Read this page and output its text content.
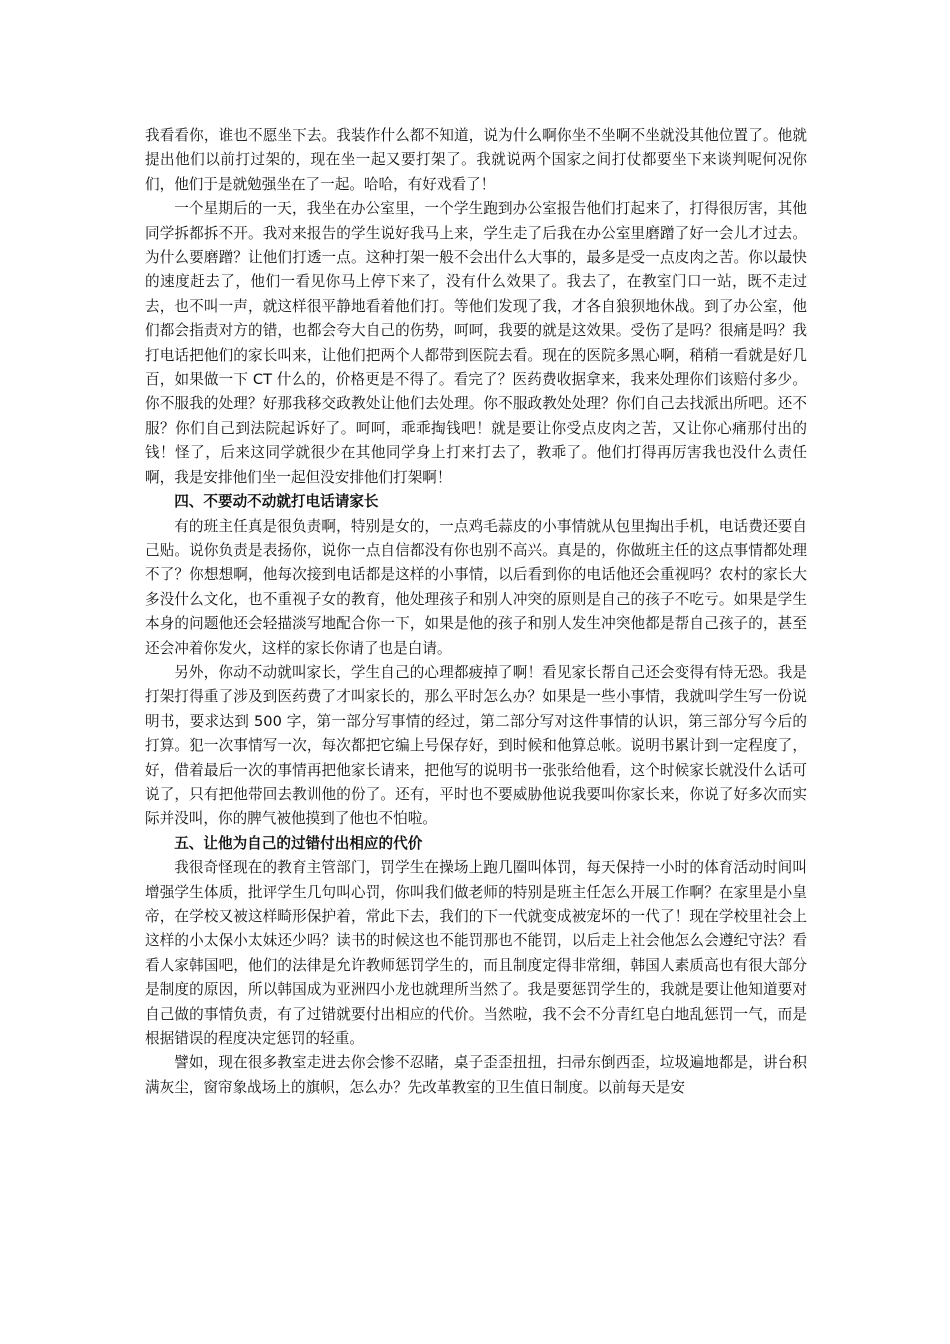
我看看你，谁也不愿坐下去。我装作什么都不知道，说为什么啊你坐不坐啊不坐就没其他位置了。他就提出他们以前打过架的，现在坐一起又要打架了。我就说两个国家之间打仗都要坐下来谈判呢何况你们，他们于是就勉强坐在了一起。哈哈，有好戏看了！

一个星期后的一天，我坐在办公室里，一个学生跑到办公室报告他们打起来了，打得很厉害，其他同学拆都拆不开。我对来报告的学生说好我马上来，学生走了后我在办公室里磨蹭了好一会儿才过去。为什么要磨蹭？让他们打透一点。这种打架一般不会出什么大事的，最多是受一点皮肉之苦。你以最快的速度赶去了，他们一看见你马上停下来了，没有什么效果了。我去了，在教室门口一站，既不走过去，也不叫一声，就这样很平静地看着他们打。等他们发现了我，才各自狼狈地休战。到了办公室，他们都会指责对方的错，也都会夸大自己的伤势，呵呵，我要的就是这效果。受伤了是吗？很痛是吗？我打电话把他们的家长叫来，让他们把两个人都带到医院去看。现在的医院多黑心啊，稍稍一看就是好几百，如果做一下 CT 什么的，价格更是不得了。看完了？医药费收据拿来，我来处理你们该赔付多少。你不服我的处理？好那我移交政教处让他们去处理。你不服政教处处理？你们自己去找派出所吧。还不服？你们自己到法院起诉好了。呵呵，乖乖掏钱吧！就是要让你受点皮肉之苦，又让你心痛那付出的钱！怪了，后来这同学就很少在其他同学身上打来打去了，教乖了。他们打得再厉害我也没什么责任啊，我是安排他们坐一起但没安排他们打架啊！

四、不要动不动就打电话请家长

有的班主任真是很负责啊，特别是女的，一点鸡毛蒜皮的小事情就从包里掏出手机，电话费还要自己贴。说你负责是表扬你，说你一点自信都没有你也别不高兴。真是的，你做班主任的这点事情都处理不了？你想想啊，他每次接到电话都是这样的小事情，以后看到你的电话他还会重视吗？农村的家长大多没什么文化，也不重视子女的教育，他处理孩子和别人冲突的原则是自己的孩子不吃亏。如果是学生本身的问题他还会轻描淡写地配合你一下，如果是他的孩子和别人发生冲突他都是帮自己孩子的，甚至还会冲着你发火，这样的家长你请了也是白请。

另外，你动不动就叫家长，学生自己的心理都疲掉了啊！看见家长帮自己还会变得有恃无恐。我是打架打得重了涉及到医药费了才叫家长的，那么平时怎么办？如果是一些小事情，我就叫学生写一份说明书，要求达到 500 字，第一部分写事情的经过，第二部分写对这件事情的认识，第三部分写今后的打算。犯一次事情写一次，每次都把它编上号保存好，到时候和他算总帐。说明书累计到一定程度了，好，借着最后一次的事情再把他家长请来，把他写的说明书一张张给他看，这个时候家长就没什么话可说了，只有把他带回去教训他的份了。还有，平时也不要威胁他说我要叫你家长来，你说了好多次而实际并没叫，你的脾气被他摸到了他也不怕啦。

五、让他为自己的过错付出相应的代价

我很奇怪现在的教育主管部门，罚学生在操场上跑几圈叫体罚，每天保持一小时的体育活动时间叫增强学生体质，批评学生几句叫心罚，你叫我们做老师的特别是班主任怎么开展工作啊？在家里是小皇帝，在学校又被这样畸形保护着，常此下去，我们的下一代就变成被宠坏的一代了！现在学校里社会上这样的小太保小太妹还少吗？读书的时候这也不能罚那也不能罚，以后走上社会他怎么会遵纪守法？看看人家韩国吧，他们的法律是允许教师惩罚学生的，而且制度定得非常细，韩国人素质高也有很大部分是制度的原因，所以韩国成为亚洲四小龙也就理所当然了。我是要惩罚学生的，我就是要让他知道要对自己做的事情负责，有了过错就要付出相应的代价。当然啦，我不会不分青红皂白地乱惩罚一气，而是根据错误的程度决定惩罚的轻重。

譬如，现在很多教室走进去你会惨不忍睹，桌子歪歪扭扭，扫帚东倒西歪，垃圾遍地都是，讲台积满灰尘，窗帘象战场上的旗帜，怎么办？先改革教室的卫生值日制度。以前每天是安
